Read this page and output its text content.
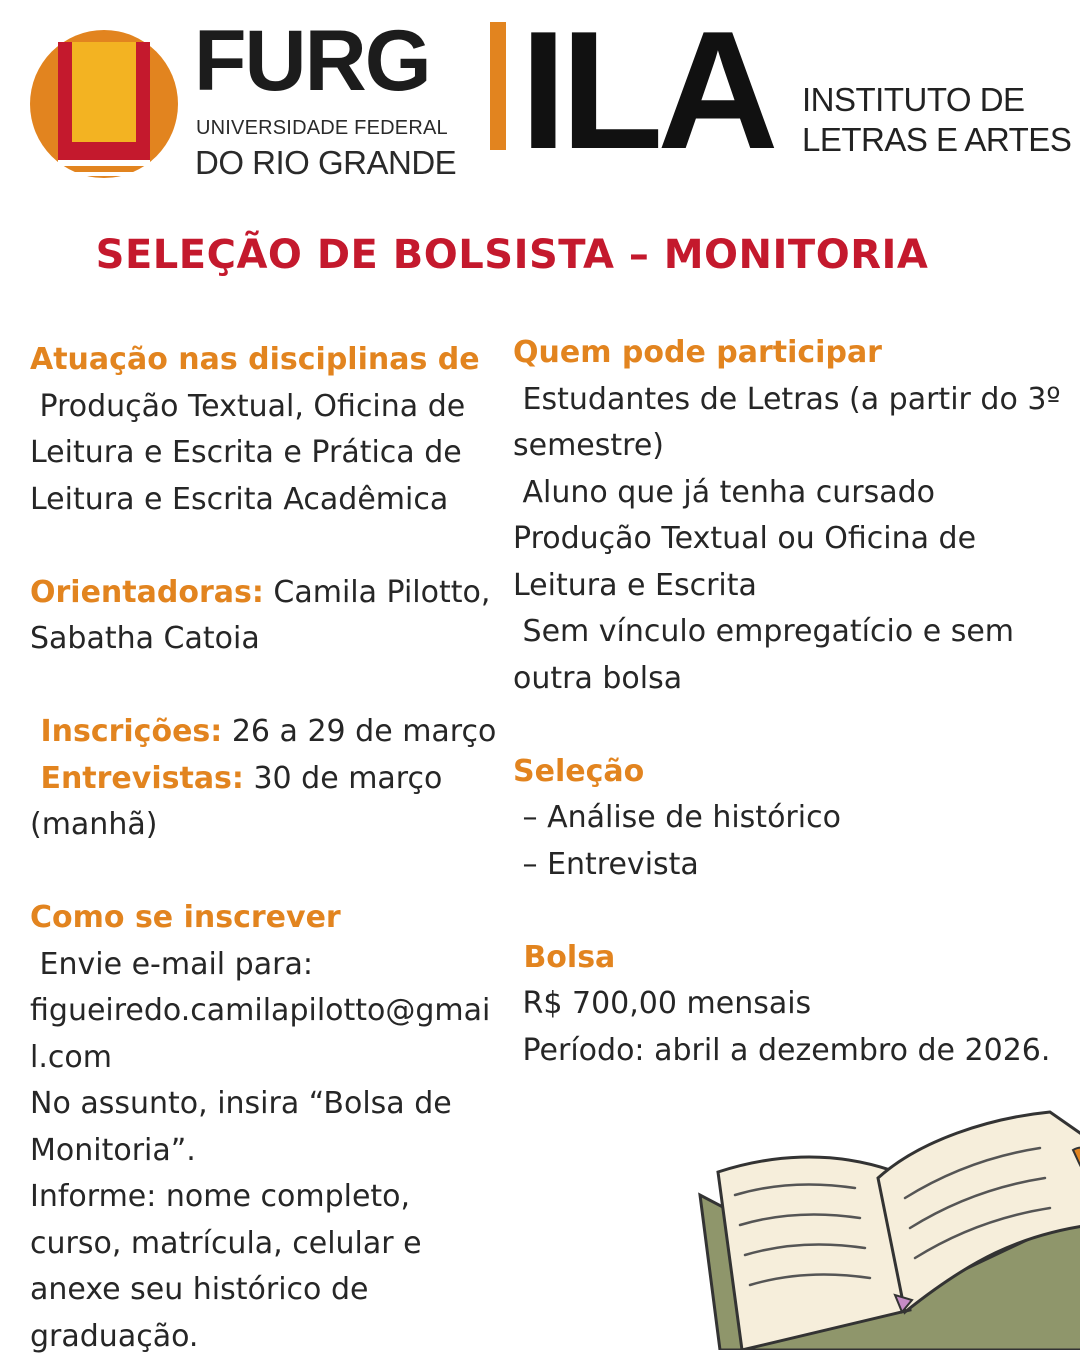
FURG
UNIVERSIDADE FEDERAL
DO RIO GRANDE ILA INSTITUTO DE
LETRAS E ARTES
SELEÇÃO DE BOLSISTA – MONITORIA
Atuação nas disciplinas de
Produção Textual, Oficina de
Leitura e Escrita e Prática de
Leitura e Escrita Acadêmica
Orientadoras: Camila Pilotto,
Sabatha Catoia
Inscrições: 26 a 29 de março
Entrevistas: 30 de março
(manhã)
Como se inscrever
Envie e-mail para:
figueiredo.camilapilotto@gmai
l.com
No assunto, insira “Bolsa de
Monitoria”.
Informe: nome completo,
curso, matrícula, celular e
anexe seu histórico de
graduação.
Quem pode participar
Estudantes de Letras (a partir do 3º
semestre)
Aluno que já tenha cursado
Produção Textual ou Oficina de
Leitura e Escrita
Sem vínculo empregatício e sem
outra bolsa
Seleção
– Análise de histórico
– Entrevista
Bolsa
R$ 700,00 mensais
Período: abril a dezembro de 2026.
